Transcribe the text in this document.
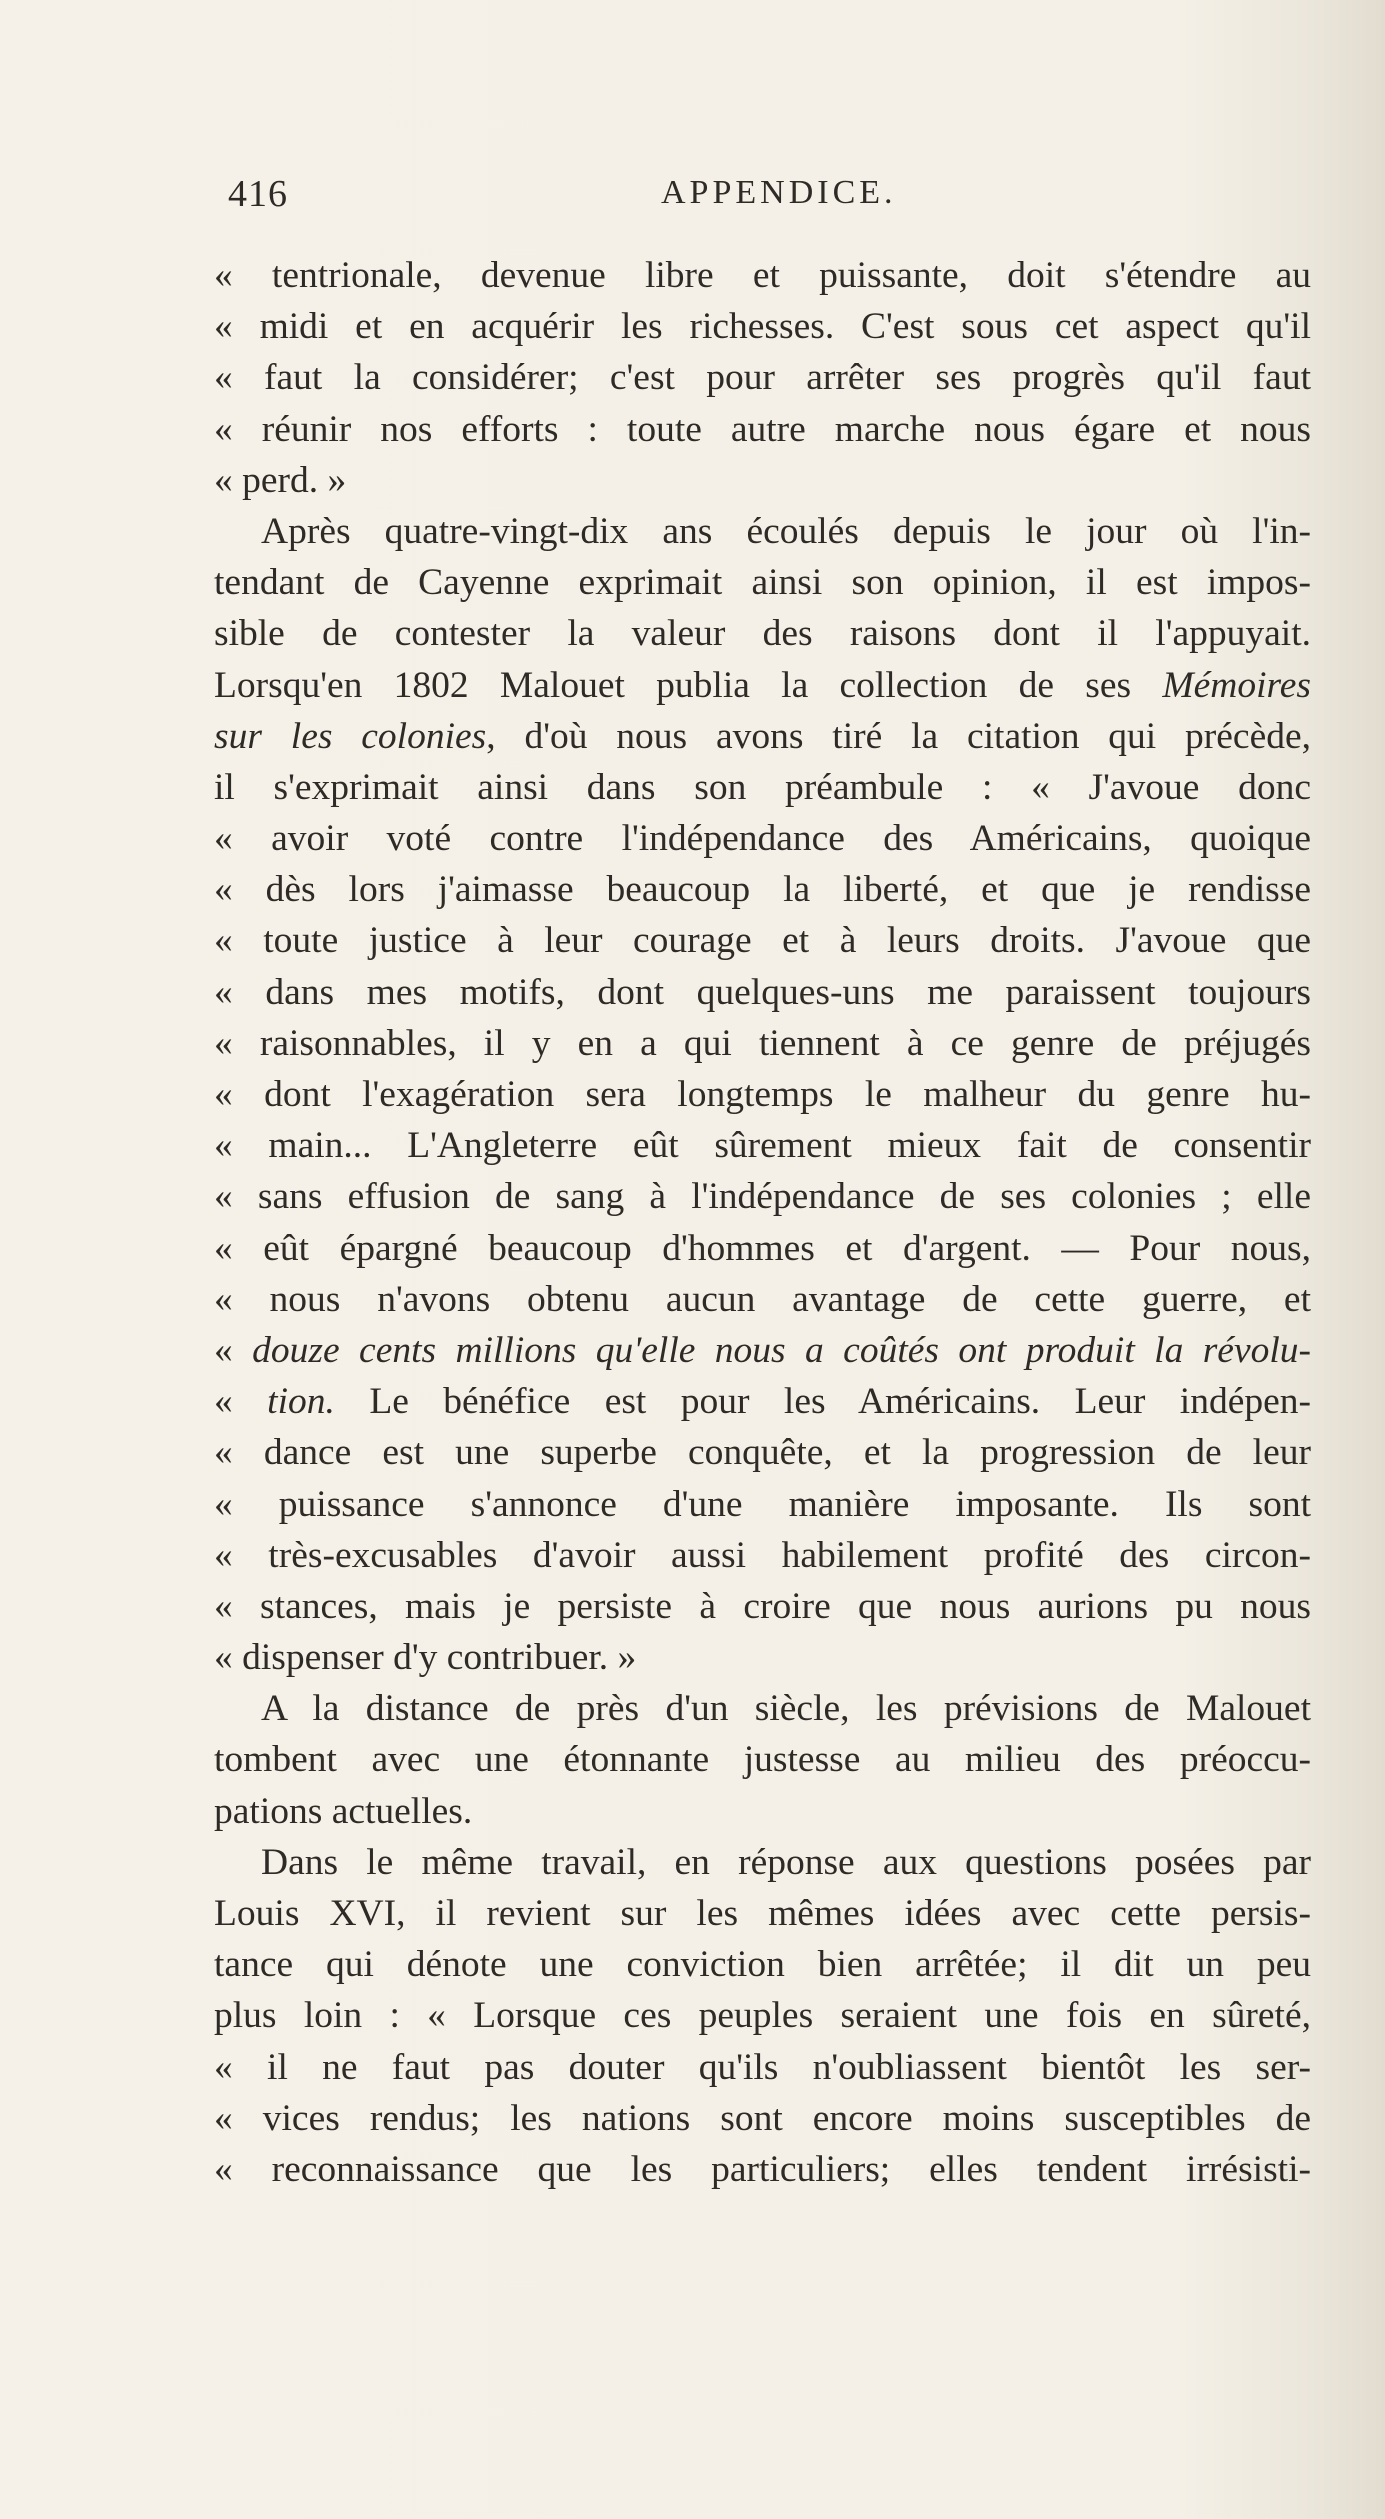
416	APPENDICE.
« tentrionale, devenue libre et puissante, doit s'étendre au
« midi et en acquérir les richesses. C'est sous cet aspect qu'il
« faut la considérer; c'est pour arrêter ses progrès qu'il faut
« réunir nos efforts : toute autre marche nous égare et nous
« perd. »
Après quatre-vingt-dix ans écoulés depuis le jour où l'in-
tendant de Cayenne exprimait ainsi son opinion, il est impos-
sible de contester la valeur des raisons dont il l'appuyait.
Lorsqu'en 1802 Malouet publia la collection de ses Mémoires
sur les colonies, d'où nous avons tiré la citation qui précède,
il s'exprimait ainsi dans son préambule : « J'avoue donc
« avoir voté contre l'indépendance des Américains, quoique
« dès lors j'aimasse beaucoup la liberté, et que je rendisse
« toute justice à leur courage et à leurs droits. J'avoue que
« dans mes motifs, dont quelques-uns me paraissent toujours
« raisonnables, il y en a qui tiennent à ce genre de préjugés
« dont l'exagération sera longtemps le malheur du genre hu-
« main... L'Angleterre eût sûrement mieux fait de consentir
« sans effusion de sang à l'indépendance de ses colonies ; elle
« eût épargné beaucoup d'hommes et d'argent. — Pour nous,
« nous n'avons obtenu aucun avantage de cette guerre, et
« douze cents millions qu'elle nous a coûtés ont produit la révolu-
« tion. Le bénéfice est pour les Américains. Leur indépen-
« dance est une superbe conquête, et la progression de leur
« puissance s'annonce d'une manière imposante. Ils sont
« très-excusables d'avoir aussi habilement profité des circon-
« stances, mais je persiste à croire que nous aurions pu nous
« dispenser d'y contribuer. »
A la distance de près d'un siècle, les prévisions de Malouet
tombent avec une étonnante justesse au milieu des préoccu-
pations actuelles.
Dans le même travail, en réponse aux questions posées par
Louis XVI, il revient sur les mêmes idées avec cette persis-
tance qui dénote une conviction bien arrêtée; il dit un peu
plus loin : « Lorsque ces peuples seraient une fois en sûreté,
« il ne faut pas douter qu'ils n'oubliassent bientôt les ser-
« vices rendus; les nations sont encore moins susceptibles de
« reconnaissance que les particuliers; elles tendent irrésisti-
